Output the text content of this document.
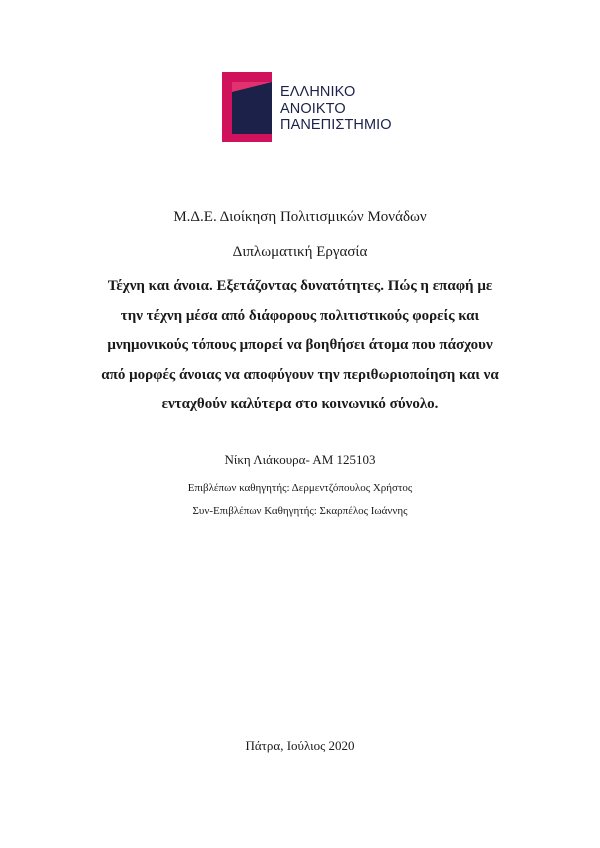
ΕΛΛΗΝΙΚΟ
ΑΝΟΙΚΤΟ
ΠΑΝΕΠΙΣΤΗΜΙΟ
Μ.Δ.Ε. Διοίκηση Πολιτισμικών Μονάδων
Διπλωματική Εργασία
Τέχνη και άνοια. Εξετάζοντας δυνατότητες. Πώς η επαφή με
την τέχνη μέσα από διάφορους πολιτιστικούς φορείς και
μνημονικούς τόπους μπορεί να βοηθήσει άτομα που πάσχουν
από μορφές άνοιας να αποφύγουν την περιθωριοποίηση και να
ενταχθούν καλύτερα στο κοινωνικό σύνολο.
Νίκη Λιάκουρα- ΑΜ 125103
Επιβλέπων καθηγητής: Δερμεντζόπουλος Χρήστος
Συν-Επιβλέπων Καθηγητής: Σκαρπέλος Ιωάννης
Πάτρα, Ιούλιος 2020
